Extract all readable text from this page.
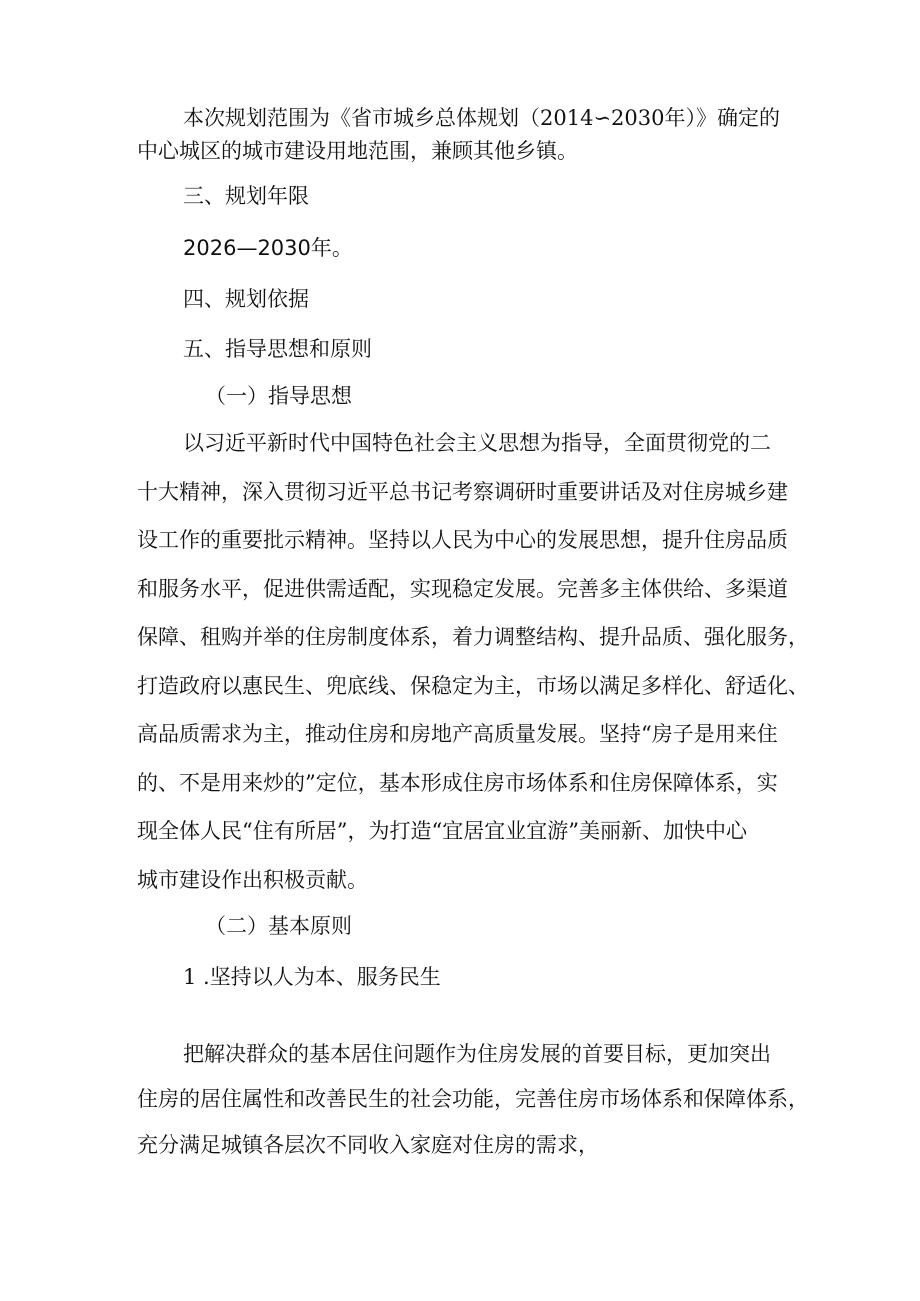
本次规划范围为《省市城乡总体规划（2014∽2030年）》确定的
中心城区的城市建设用地范围，兼顾其他乡镇。
三、规划年限
2026—2030年。
四、规划依据
五、指导思想和原则
（一）指导思想
以习近平新时代中国特色社会主义思想为指导，全面贯彻党的二
十大精神，深入贯彻习近平总书记考察调研时重要讲话及对住房城乡建
设工作的重要批示精神。坚持以人民为中心的发展思想，提升住房品质
和服务水平，促进供需适配，实现稳定发展。完善多主体供给、多渠道
保障、租购并举的住房制度体系，着力调整结构、提升品质、强化服务，
打造政府以惠民生、兜底线、保稳定为主，市场以满足多样化、舒适化、
高品质需求为主，推动住房和房地产高质量发展。坚持“房子是用来住
的、不是用来炒的”定位，基本形成住房市场体系和住房保障体系，实
现全体人民“住有所居”，为打造“宜居宜业宜游”美丽新、加快中心
城市建设作出积极贡献。
（二）基本原则
1 .坚持以人为本、服务民生
把解决群众的基本居住问题作为住房发展的首要目标，更加突出
住房的居住属性和改善民生的社会功能，完善住房市场体系和保障体系，
充分满足城镇各层次不同收入家庭对住房的需求，
